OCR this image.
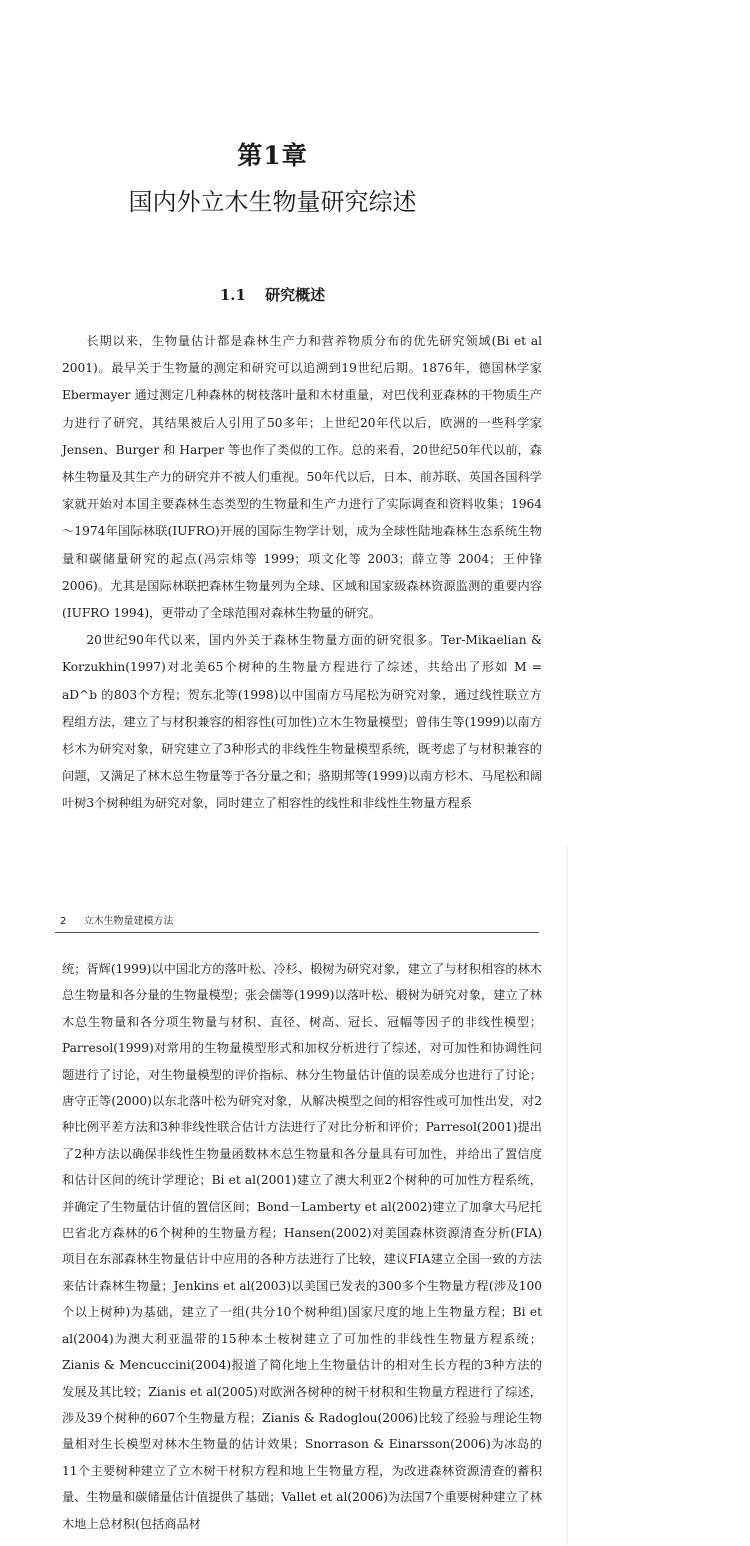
第1章
国内外立木生物量研究综述
1.1 研究概述

长期以来，生物量估计都是森林生产力和营养物质分布的优先研究领域(Bi et al 2001)。最早关于生物量的测定和研究可以追溯到19世纪后期。1876年，德国林学家 Ebermayer 通过测定几种森林的树枝落叶量和木材重量，对巴伐利亚森林的干物质生产力进行了研究，其结果被后人引用了50多年；上世纪20年代以后，欧洲的一些科学家 Jensen、Burger 和 Harper 等也作了类似的工作。总的来看，20世纪50年代以前，森林生物量及其生产力的研究并不被人们重视。50年代以后，日本、前苏联、英国各国科学家就开始对本国主要森林生态类型的生物量和生产力进行了实际调查和资料收集；1964～1974年国际林联(IUFRO)开展的国际生物学计划，成为全球性陆地森林生态系统生物量和碳储量研究的起点(冯宗炜等 1999；项文化等 2003；薛立等 2004；王仲锋 2006)。尤其是国际林联把森林生物量列为全球、区域和国家级森林资源监测的重要内容(IUFRO 1994)，更带动了全球范围对森林生物量的研究。

20世纪90年代以来，国内外关于森林生物量方面的研究很多。Ter-Mikaelian & Korzukhin(1997)对北美65个树种的生物量方程进行了综述，共给出了形如 M = aD^b 的803个方程；贺东北等(1998)以中国南方马尾松为研究对象，通过线性联立方程组方法，建立了与材积兼容的相容性(可加性)立木生物量模型；曾伟生等(1999)以南方杉木为研究对象，研究建立了3种形式的非线性生物量模型系统，既考虑了与材积兼容的问题，又满足了林木总生物量等于各分量之和；骆期邦等(1999)以南方杉木、马尾松和阔叶树3个树种组为研究对象，同时建立了相容性的线性和非线性生物量方程系

2 立木生物量建模方法

统；胥辉(1999)以中国北方的落叶松、冷杉、椴树为研究对象，建立了与材积相容的林木总生物量和各分量的生物量模型；张会儒等(1999)以落叶松、椴树为研究对象，建立了林木总生物量和各分项生物量与材积、直径、树高、冠长、冠幅等因子的非线性模型；Parresol(1999)对常用的生物量模型形式和加权分析进行了综述，对可加性和协调性问题进行了讨论，对生物量模型的评价指标、林分生物量估计值的误差成分也进行了讨论；唐守正等(2000)以东北落叶松为研究对象，从解决模型之间的相容性或可加性出发，对2种比例平差方法和3种非线性联合估计方法进行了对比分析和评价；Parresol(2001)提出了2种方法以确保非线性生物量函数林木总生物量和各分量具有可加性，并给出了置信度和估计区间的统计学理论；Bi et al(2001)建立了澳大利亚2个树种的可加性方程系统，并确定了生物量估计值的置信区间；Bond－Lamberty et al(2002)建立了加拿大马尼托巴省北方森林的6个树种的生物量方程；Hansen(2002)对美国森林资源清查分析(FIA)项目在东部森林生物量估计中应用的各种方法进行了比较，建议FIA建立全国一致的方法来估计森林生物量；Jenkins et al(2003)以美国已发表的300多个生物量方程(涉及100个以上树种)为基础，建立了一组(共分10个树种组)国家尺度的地上生物量方程；Bi et al(2004)为澳大利亚温带的15种本土桉树建立了可加性的非线性生物量方程系统；Zianis & Mencuccini(2004)报道了简化地上生物量估计的相对生长方程的3种方法的发展及其比较；Zianis et al(2005)对欧洲各树种的树干材积和生物量方程进行了综述，涉及39个树种的607个生物量方程；Zianis & Radoglou(2006)比较了经验与理论生物量相对生长模型对林木生物量的估计效果；Snorrason & Einarsson(2006)为冰岛的11个主要树种建立了立木树干材积方程和地上生物量方程，为改进森林资源清查的蓄积量、生物量和碳储量估计值提供了基础；Vallet et al(2006)为法国7个重要树种建立了林木地上总材积(包括商品材
